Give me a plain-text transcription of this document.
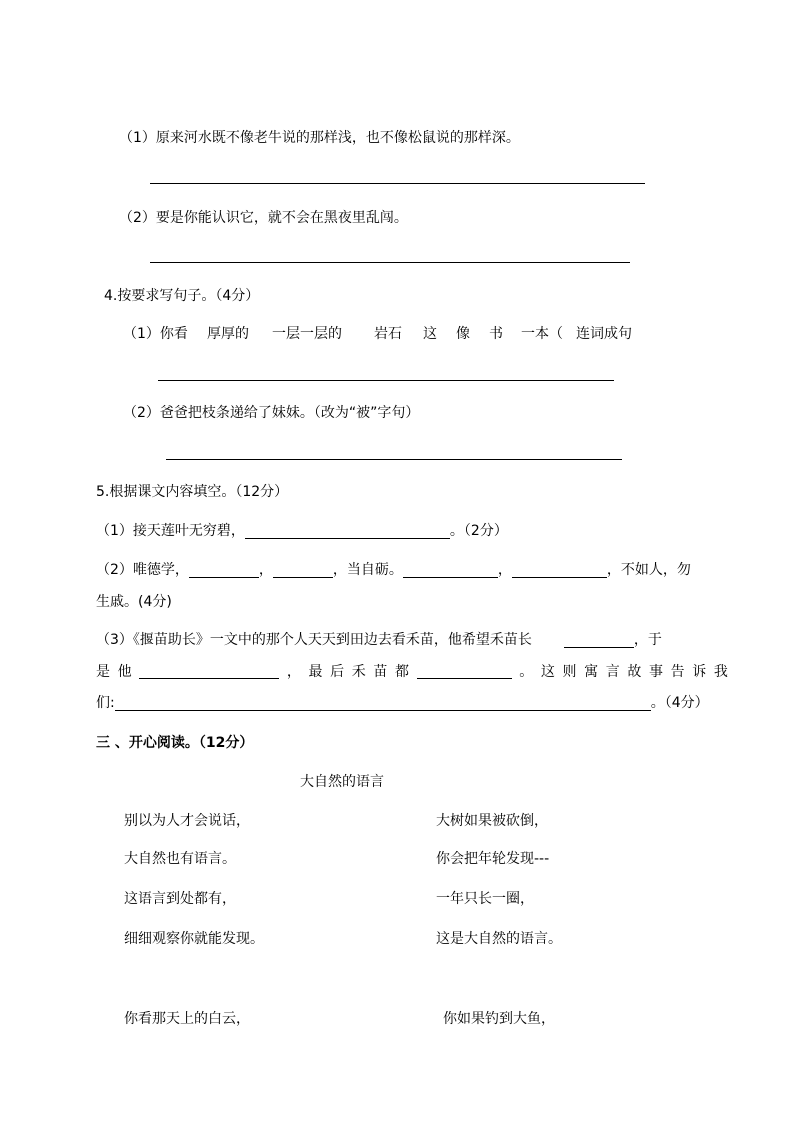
（1）原来河水既不像老牛说的那样浅，也不像松鼠说的那样深。
（2）要是你能认识它，就不会在黑夜里乱闯。
4.按要求写句子。（4分）
（1）你看 厚厚的 一层一层的 岩石 这 像 书 一本（ 连词成句
（2）爸爸把枝条递给了妹妹。（改为“被”字句）
5.根据课文内容填空。（12分）
（1）接天莲叶无穷碧，	。（2分）
（2）唯德学，	，	，当自砺。	，	，不如人，勿
生戚。(4分)
（3）《揠苗助长》一文中的那个人天天到田边去看禾苗，他希望禾苗长	，于
是 他	， 最 后 禾 苗 都	。 这 则 寓 言 故 事 告 诉 我
们:	。（4分）
三 、开心阅读。（12分）
大自然的语言
别以为人才会说话，
大自然也有语言。
这语言到处都有，
细细观察你就能发现。
你看那天上的白云，
大树如果被砍倒，
你会把年轮发现---
一年只长一圈，
这是大自然的语言。
你如果钓到大鱼，
